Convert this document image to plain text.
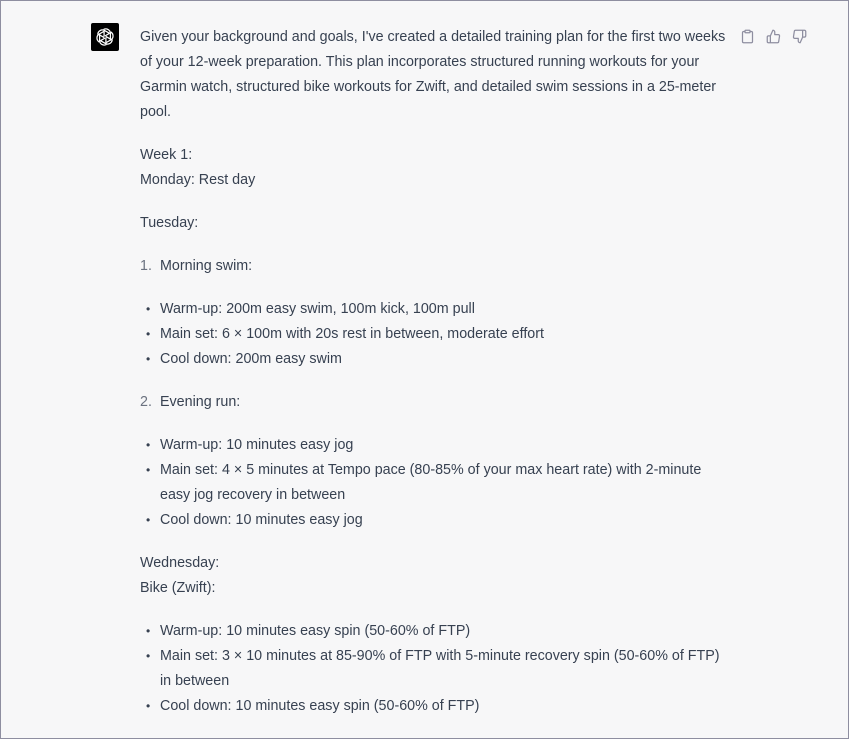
Given your background and goals, I've created a detailed training plan for the first two weeks of your 12-week preparation. This plan incorporates structured running workouts for your Garmin watch, structured bike workouts for Zwift, and detailed swim sessions in a 25-meter pool.

Week 1:
Monday: Rest day

Tuesday:

1. Morning swim:
• Warm-up: 200m easy swim, 100m kick, 100m pull
• Main set: 6 × 100m with 20s rest in between, moderate effort
• Cool down: 200m easy swim
2. Evening run:
• Warm-up: 10 minutes easy jog
• Main set: 4 × 5 minutes at Tempo pace (80-85% of your max heart rate) with 2-minute easy jog recovery in between
• Cool down: 10 minutes easy jog

Wednesday:
Bike (Zwift):

• Warm-up: 10 minutes easy spin (50-60% of FTP)
• Main set: 3 × 10 minutes at 85-90% of FTP with 5-minute recovery spin (50-60% of FTP) in between
• Cool down: 10 minutes easy spin (50-60% of FTP)
